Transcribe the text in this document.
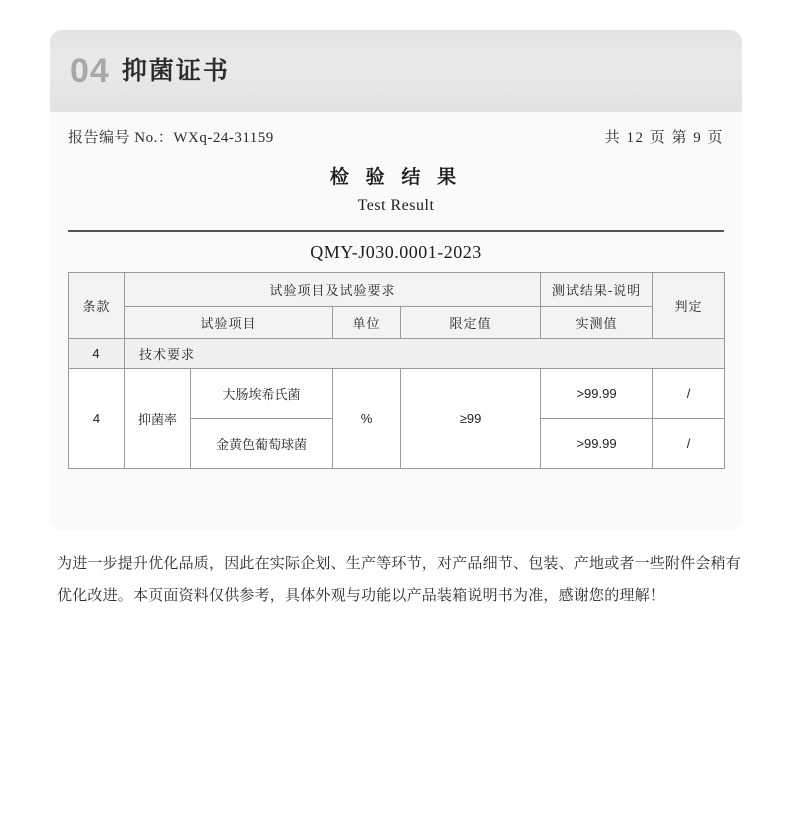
04 抑菌证书
报告编号 No.：WXq-24-31159	共 12 页 第 9 页
检 验 结 果
Test Result
QMY-J030.0001-2023
条款	试验项目及试验要求				测试结果-说明	判定
	试验项目		单位	限定值	实测值	
4	技术要求					
4	抑菌率	大肠埃希氏菌	%	≥99	>99.99	/
		金黄色葡萄球菌			>99.99	/
为进一步提升优化品质，因此在实际企划、生产等环节，对产品细节、包装、产地或者一些附件会稍有优化改进。本页面资料仅供参考，具体外观与功能以产品装箱说明书为准，感谢您的理解！
